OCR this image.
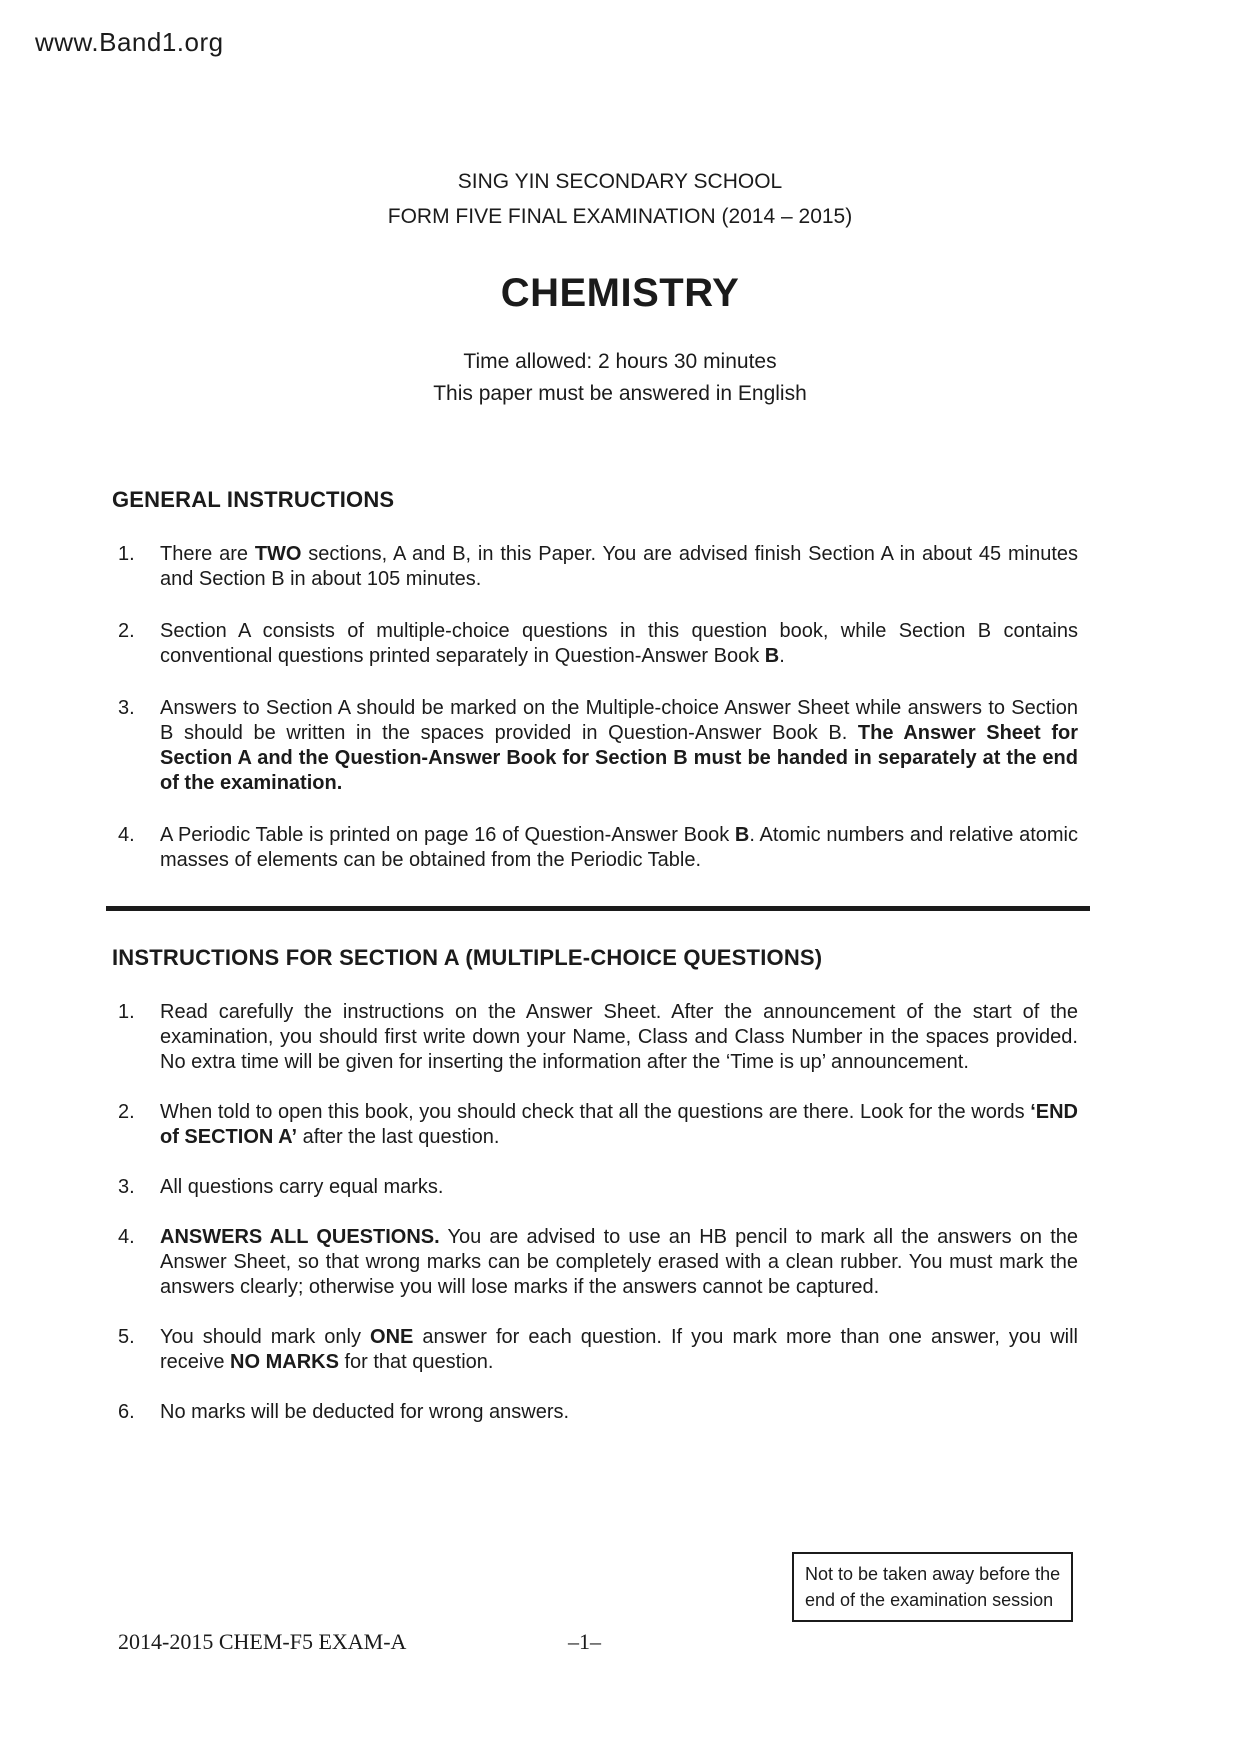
www.Band1.org
SING YIN SECONDARY SCHOOL
FORM FIVE FINAL EXAMINATION (2014 – 2015)
CHEMISTRY
Time allowed: 2 hours 30 minutes
This paper must be answered in English
GENERAL INSTRUCTIONS
1. There are TWO sections, A and B, in this Paper. You are advised finish Section A in about 45 minutes and Section B in about 105 minutes.
2. Section A consists of multiple-choice questions in this question book, while Section B contains conventional questions printed separately in Question-Answer Book B.
3. Answers to Section A should be marked on the Multiple-choice Answer Sheet while answers to Section B should be written in the spaces provided in Question-Answer Book B. The Answer Sheet for Section A and the Question-Answer Book for Section B must be handed in separately at the end of the examination.
4. A Periodic Table is printed on page 16 of Question-Answer Book B. Atomic numbers and relative atomic masses of elements can be obtained from the Periodic Table.
INSTRUCTIONS FOR SECTION A (MULTIPLE-CHOICE QUESTIONS)
1. Read carefully the instructions on the Answer Sheet. After the announcement of the start of the examination, you should first write down your Name, Class and Class Number in the spaces provided. No extra time will be given for inserting the information after the ‘Time is up’ announcement.
2. When told to open this book, you should check that all the questions are there. Look for the words ‘END of SECTION A’ after the last question.
3. All questions carry equal marks.
4. ANSWERS ALL QUESTIONS. You are advised to use an HB pencil to mark all the answers on the Answer Sheet, so that wrong marks can be completely erased with a clean rubber. You must mark the answers clearly; otherwise you will lose marks if the answers cannot be captured.
5. You should mark only ONE answer for each question. If you mark more than one answer, you will receive NO MARKS for that question.
6. No marks will be deducted for wrong answers.
Not to be taken away before the
end of the examination session
2014-2015 CHEM-F5 EXAM-A	–1–
